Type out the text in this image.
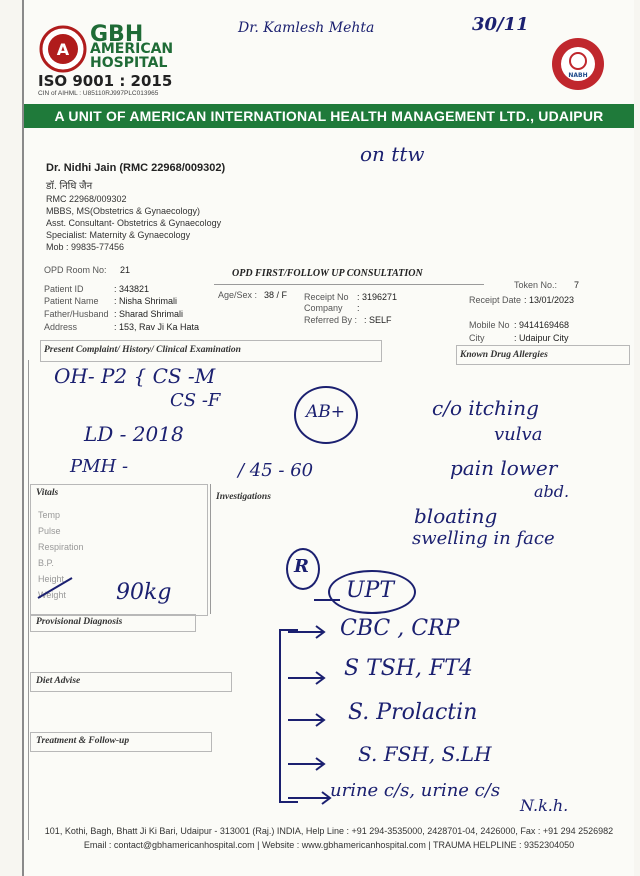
A
GBH
AMERICAN
HOSPITAL
ISO 9001 : 2015
CIN of AIHML : U85110RJ997PLC013965
Dr. Kamlesh Mehta	30/11
NABH
A UNIT OF AMERICAN INTERNATIONAL HEALTH MANAGEMENT LTD., UDAIPUR
Dr. Nidhi Jain (RMC 22968/009302)
डॉ. निधि जैन
RMC 22968/009302
MBBS, MS(Obstetrics & Gynaecology)
Asst. Consultant- Obstetrics & Gynaecology
Specialist: Maternity & Gynaecology
Mob : 99835-77456
on ttw
OPD Room No: 21	OPD FIRST/FOLLOW UP CONSULTATION
Token No.: 7
Patient ID	: 343821
Patient Name : Nisha Shrimali
Father/Husband : Sharad Shrimali
Address	: 153, Rav Ji Ka Hata
Age/Sex : 38 / F Receipt No : 3196271
Company :
Referred By : : SELF
Receipt Date : 13/01/2023
Mobile No : 9414169468
City	: Udaipur City
Present Complaint/ History/ Clinical Examination	Known Drug Allergies
Vitals
Temp
Pulse
Respiration
B.P.
Height
Weight
Investigations
Provisional Diagnosis
Diet Advise
Treatment & Follow-up
OH- P2 { CS -M
CS -F
LD - 2018
PMH -	/ 45 - 60
AB+	c/o itching
vulva
pain lower
abd.
bloating
swelling in face
90kg
R
UPT
CBC , CRP
S TSH, FT4
S. Prolactin
S. FSH, S.LH
urine c/s, urine c/s
N.k.h.
101, Kothi, Bagh, Bhatt Ji Ki Bari, Udaipur - 313001 (Raj.) INDIA, Help Line : +91 294-3535000, 2428701-04, 2426000, Fax : +91 294 2526982
Email : contact@gbhamericanhospital.com | Website : www.gbhamericanhospital.com | TRAUMA HELPLINE : 9352304050
